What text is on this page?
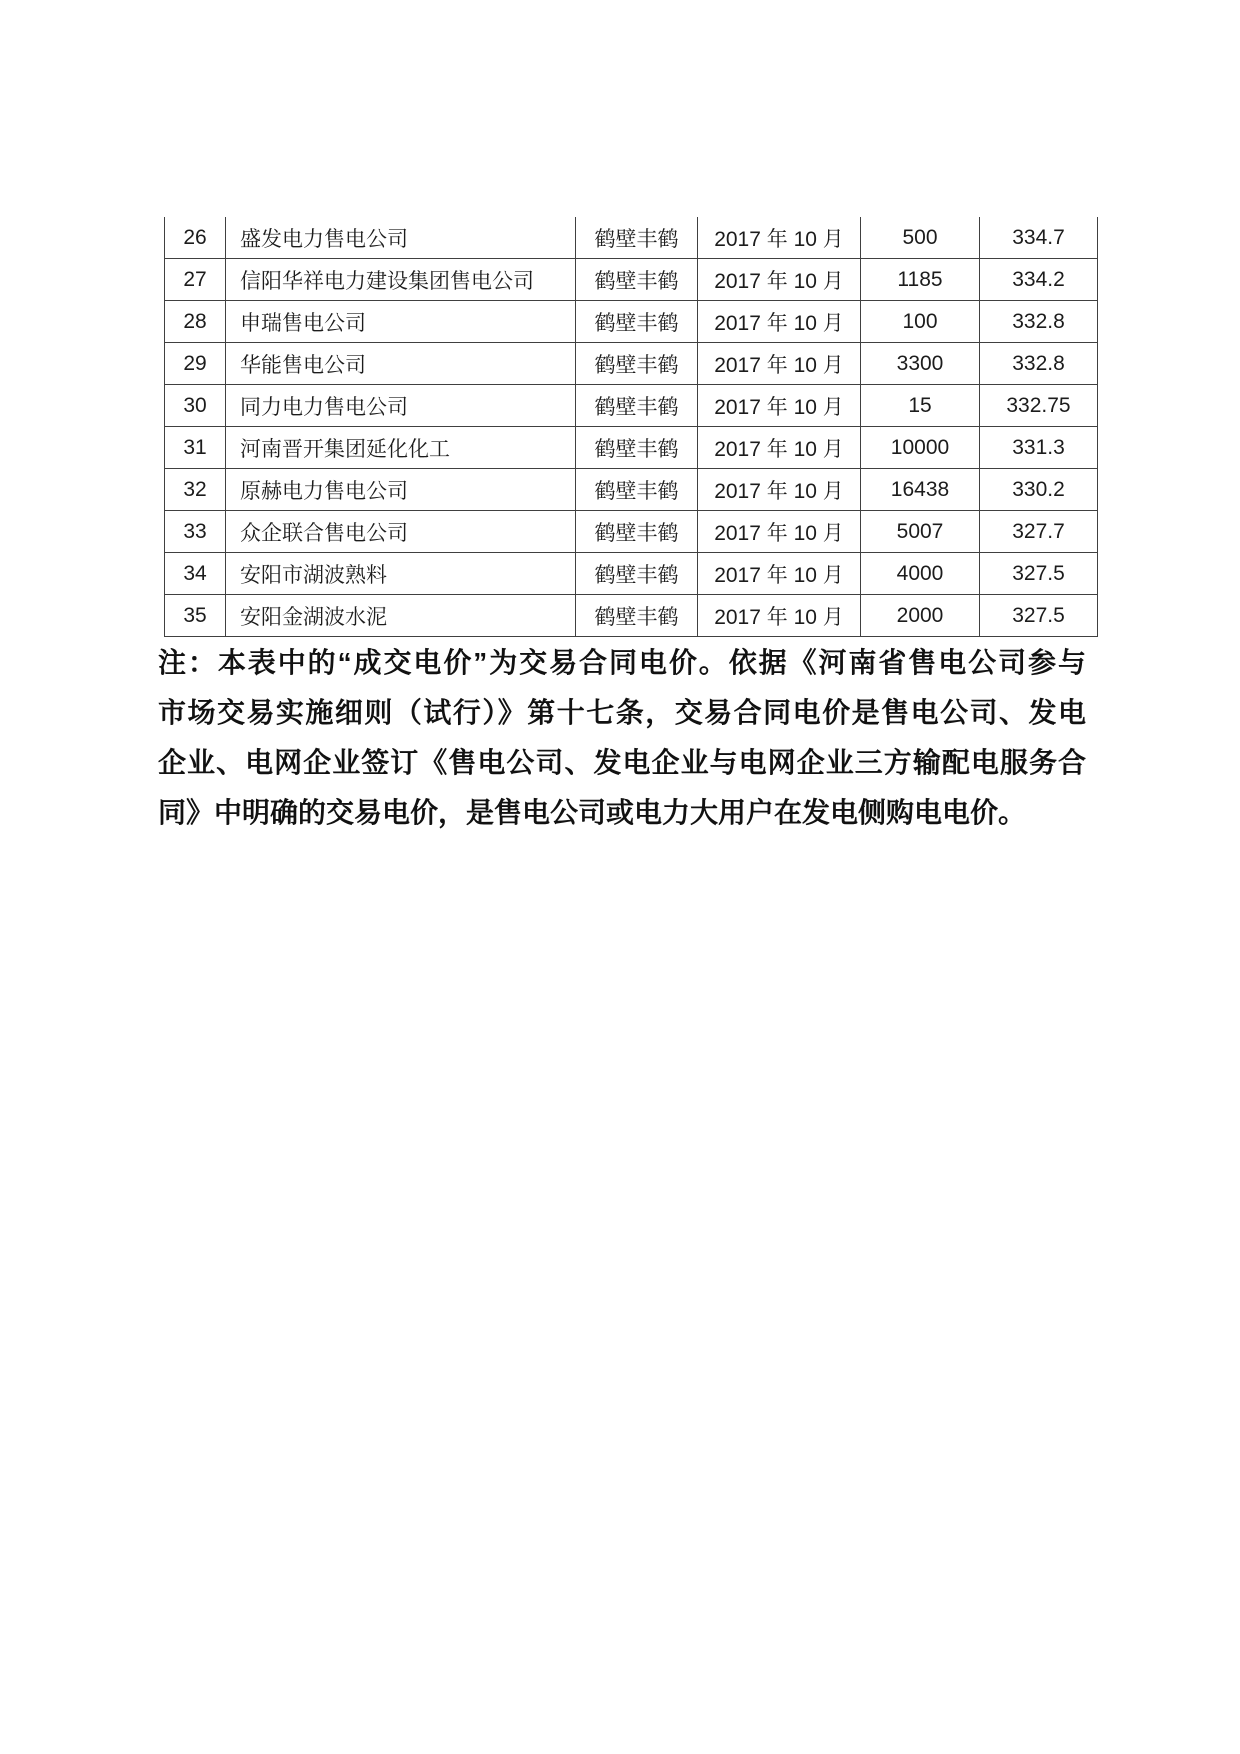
26	盛发电力售电公司	鹤壁丰鹤	2017 年 10 月	500	334.7
27	信阳华祥电力建设集团售电公司	鹤壁丰鹤	2017 年 10 月	1185	334.2
28	申瑞售电公司	鹤壁丰鹤	2017 年 10 月	100	332.8
29	华能售电公司	鹤壁丰鹤	2017 年 10 月	3300	332.8
30	同力电力售电公司	鹤壁丰鹤	2017 年 10 月	15	332.75
31	河南晋开集团延化化工	鹤壁丰鹤	2017 年 10 月	10000	331.3
32	原赫电力售电公司	鹤壁丰鹤	2017 年 10 月	16438	330.2
33	众企联合售电公司	鹤壁丰鹤	2017 年 10 月	5007	327.7
34	安阳市湖波熟料	鹤壁丰鹤	2017 年 10 月	4000	327.5
35	安阳金湖波水泥	鹤壁丰鹤	2017 年 10 月	2000	327.5
注：本表中的“成交电价”为交易合同电价。依据《河南省售电公司参与
市场交易实施细则（试行）》第十七条，交易合同电价是售电公司、发电
企业、电网企业签订《售电公司、发电企业与电网企业三方输配电服务合
同》中明确的交易电价，是售电公司或电力大用户在发电侧购电电价。
